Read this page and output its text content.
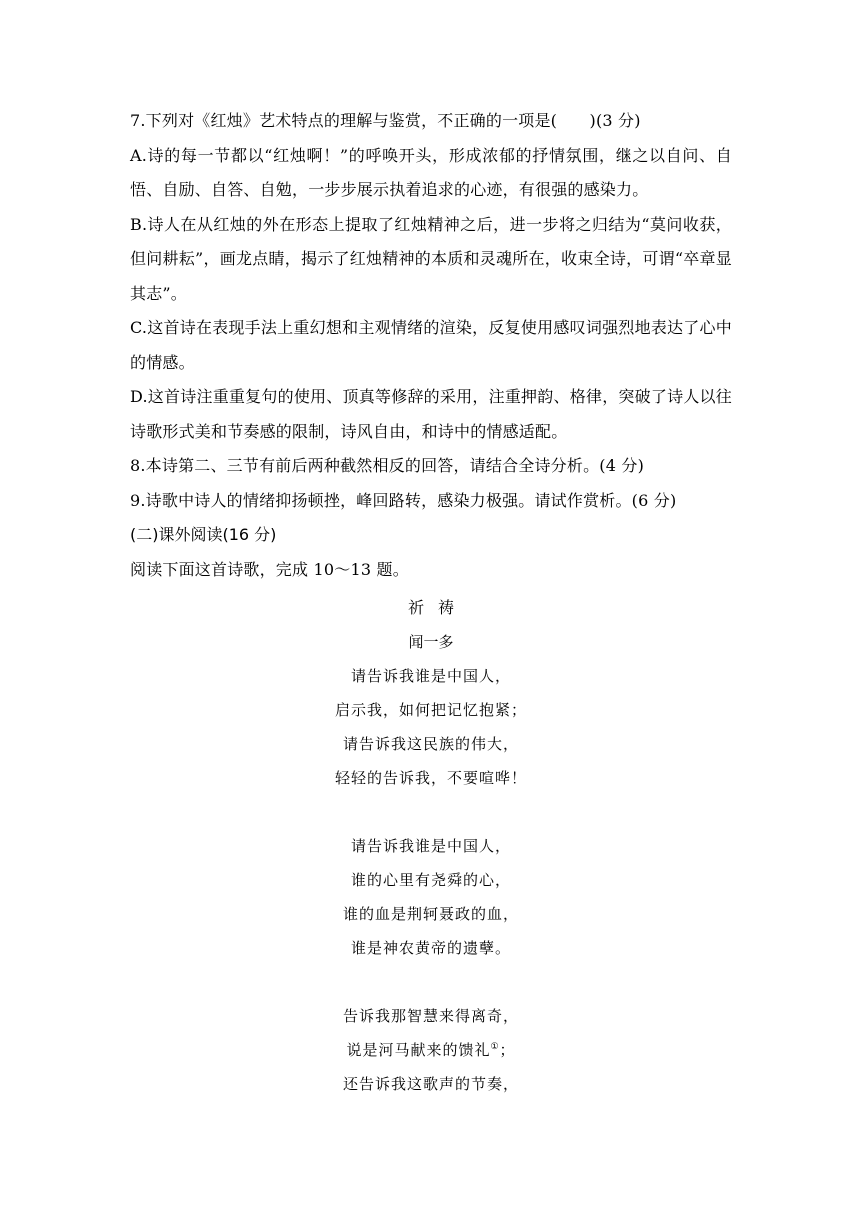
7.下列对《红烛》艺术特点的理解与鉴赏，不正确的一项是(　　)(3 分)

A.诗的每一节都以“红烛啊！”的呼唤开头，形成浓郁的抒情氛围，继之以自问、自悟、自励、自答、自勉，一步步展示执着追求的心迹，有很强的感染力。

B.诗人在从红烛的外在形态上提取了红烛精神之后，进一步将之归结为“莫问收获，但问耕耘”，画龙点睛，揭示了红烛精神的本质和灵魂所在，收束全诗，可谓“卒章显其志”。

C.这首诗在表现手法上重幻想和主观情绪的渲染，反复使用感叹词强烈地表达了心中的情感。

D.这首诗注重重复句的使用、顶真等修辞的采用，注重押韵、格律，突破了诗人以往诗歌形式美和节奏感的限制，诗风自由，和诗中的情感适配。

8.本诗第二、三节有前后两种截然相反的回答，请结合全诗分析。(4 分)

9.诗歌中诗人的情绪抑扬顿挫，峰回路转，感染力极强。请试作赏析。(6 分)

(二)课外阅读(16 分)

阅读下面这首诗歌，完成 10～13 题。

祈祷

闻一多

请告诉我谁是中国人，

启示我，如何把记忆抱紧；

请告诉我这民族的伟大，

轻轻的告诉我，不要喧哗！

请告诉我谁是中国人，

谁的心里有尧舜的心，

谁的血是荆轲聂政的血，

谁是神农黄帝的遗孽。

告诉我那智慧来得离奇，

说是河马献来的馈礼①；

还告诉我这歌声的节奏，
